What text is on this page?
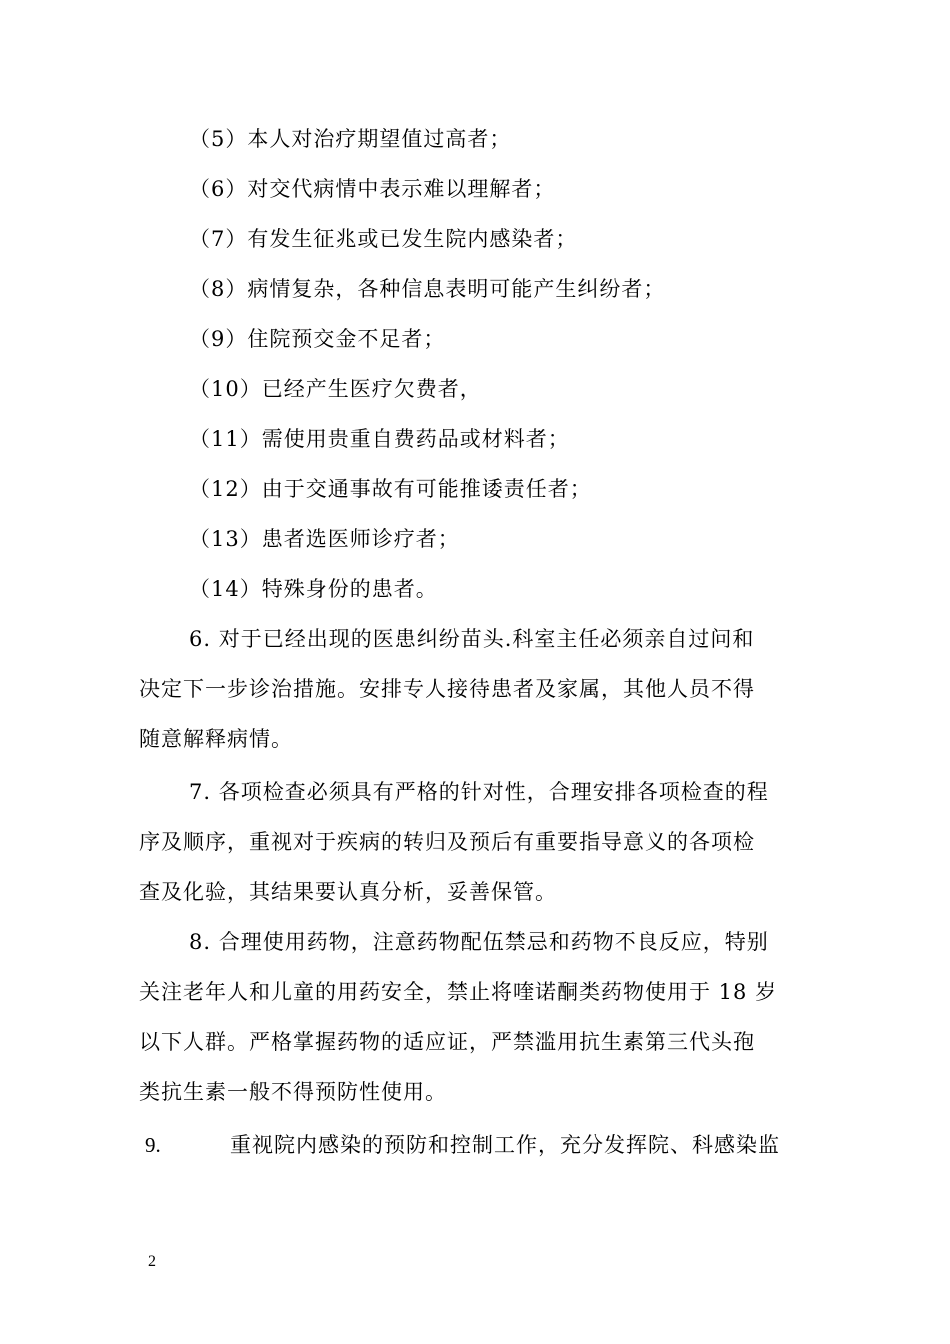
（5）本人对治疗期望值过高者；
（6）对交代病情中表示难以理解者；
（7）有发生征兆或已发生院内感染者；
（8）病情复杂，各种信息表明可能产生纠纷者；
（9）住院预交金不足者；
（10）已经产生医疗欠费者，
（11）需使用贵重自费药品或材料者；
（12）由于交通事故有可能推诿责任者；
（13）患者选医师诊疗者；
（14）特殊身份的患者。
6. 对于已经出现的医患纠纷苗头.科室主任必须亲自过问和
决定下一步诊治措施。安排专人接待患者及家属，其他人员不得
随意解释病情。
7. 各项检查必须具有严格的针对性，合理安排各项检查的程
序及顺序，重视对于疾病的转归及预后有重要指导意义的各项检
查及化验，其结果要认真分析，妥善保管。
8. 合理使用药物，注意药物配伍禁忌和药物不良反应，特别
关注老年人和儿童的用药安全，禁止将喹诺酮类药物使用于 18 岁
以下人群。严格掌握药物的适应证，严禁滥用抗生素第三代头孢
类抗生素一般不得预防性使用。
9.	重视院内感染的预防和控制工作，充分发挥院、科感染监
2
